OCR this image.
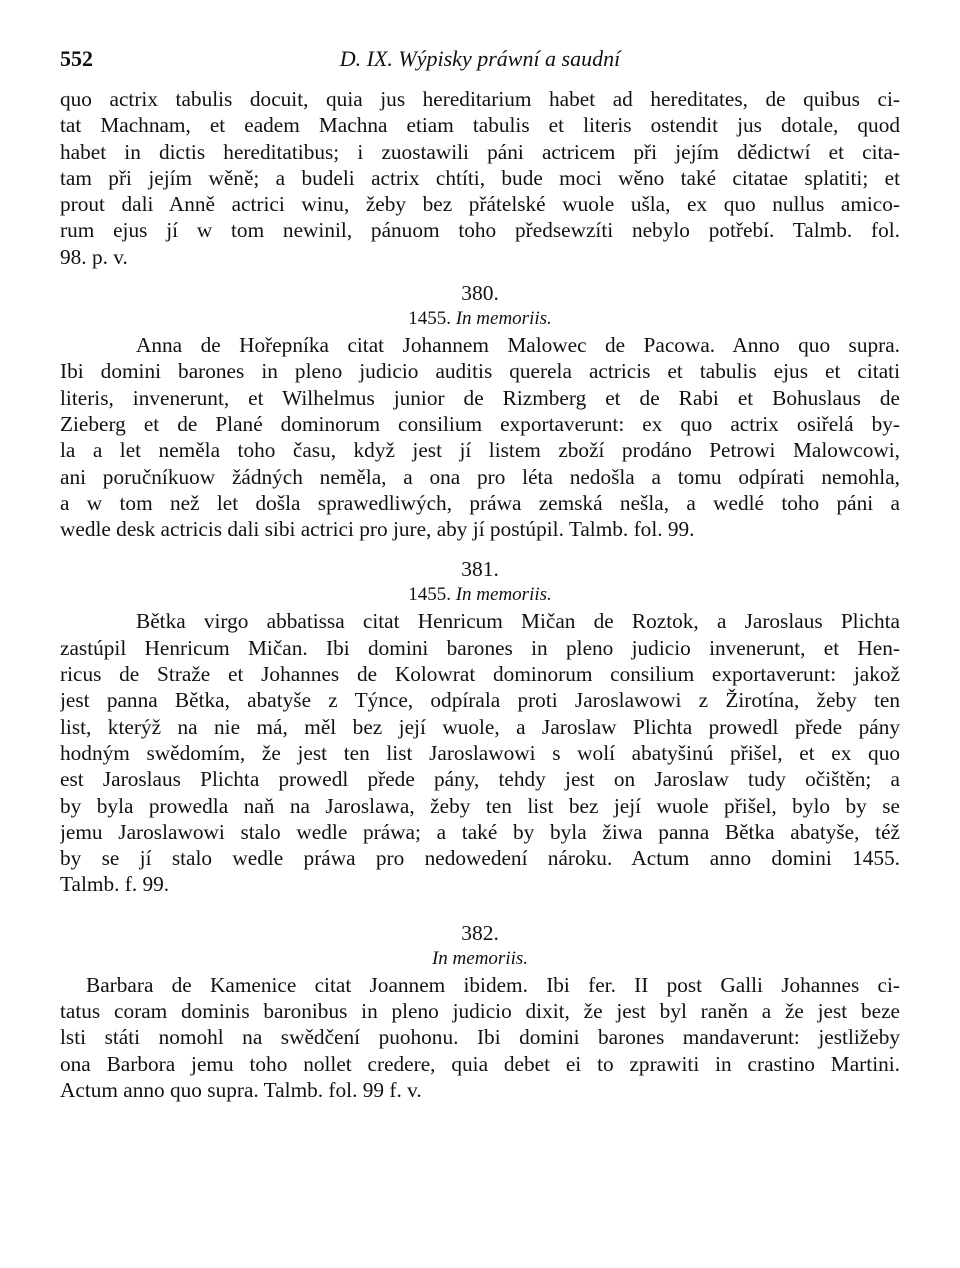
552	D. IX. Wýpisky práwní a saudní
quo actrix tabulis docuit, quia jus hereditarium habet ad hereditates, de quibus ci-
tat Machnam, et eadem Machna etiam tabulis et literis ostendit jus dotale, quod
habet in dictis hereditatibus; i zuostawili páni actricem při jejím dědictwí et cita-
tam při jejím wěně; a budeli actrix chtíti, bude moci wěno také citatae splatiti; et
prout dali Anně actrici winu, žeby bez přátelské wuole ušla, ex quo nullus amico-
rum ejus jí w tom newinil, pánuom toho předsewzíti nebylo potřebí. Talmb. fol.
98. p. v.

380.

1455. In memoriis.

Anna de Hořepníka citat Johannem Malowec de Pacowa. Anno quo supra.
Ibi domini barones in pleno judicio auditis querela actricis et tabulis ejus et citati
literis, invenerunt, et Wilhelmus junior de Rizmberg et de Rabi et Bohuslaus de
Zieberg et de Plané dominorum consilium exportaverunt: ex quo actrix osiřelá by-
la a let neměla toho času, když jest jí listem zboží prodáno Petrowi Malowcowi,
ani poručníkuow žádných neměla, a ona pro léta nedošla a tomu odpírati nemohla,
a w tom než let došla sprawedliwých, práwa zemská nešla, a wedlé toho páni a
wedle desk actricis dali sibi actrici pro jure, aby jí postúpil. Talmb. fol. 99.

381.

1455. In memoriis.

Bětka virgo abbatissa citat Henricum Mičan de Roztok, a Jaroslaus Plichta
zastúpil Henricum Mičan. Ibi domini barones in pleno judicio invenerunt, et Hen-
ricus de Straže et Johannes de Kolowrat dominorum consilium exportaverunt: jakož
jest panna Bětka, abatyše z Týnce, odpírala proti Jaroslawowi z Žirotína, žeby ten
list, kterýž na nie má, měl bez její wuole, a Jaroslaw Plichta prowedl přede pány
hodným swědomím, že jest ten list Jaroslawowi s wolí abatyšinú přišel, et ex quo
est Jaroslaus Plichta prowedl přede pány, tehdy jest on Jaroslaw tudy očištěn; a
by byla prowedla naň na Jaroslawa, žeby ten list bez její wuole přišel, bylo by se
jemu Jaroslawowi stalo wedle práwa; a také by byla žiwa panna Bětka abatyše, též
by se jí stalo wedle práwa pro nedowedení nároku. Actum anno domini 1455.
Talmb. f. 99.

382.

In memoriis.

Barbara de Kamenice citat Joannem ibidem. Ibi fer. II post Galli Johannes ci-
tatus coram dominis baronibus in pleno judicio dixit, že jest byl raněn a že jest beze
lsti státi nomohl na swědčení puohonu. Ibi domini barones mandaverunt: jestližeby
ona Barbora jemu toho nollet credere, quia debet ei to zprawiti in crastino Martini.
Actum anno quo supra. Talmb. fol. 99 f. v.
